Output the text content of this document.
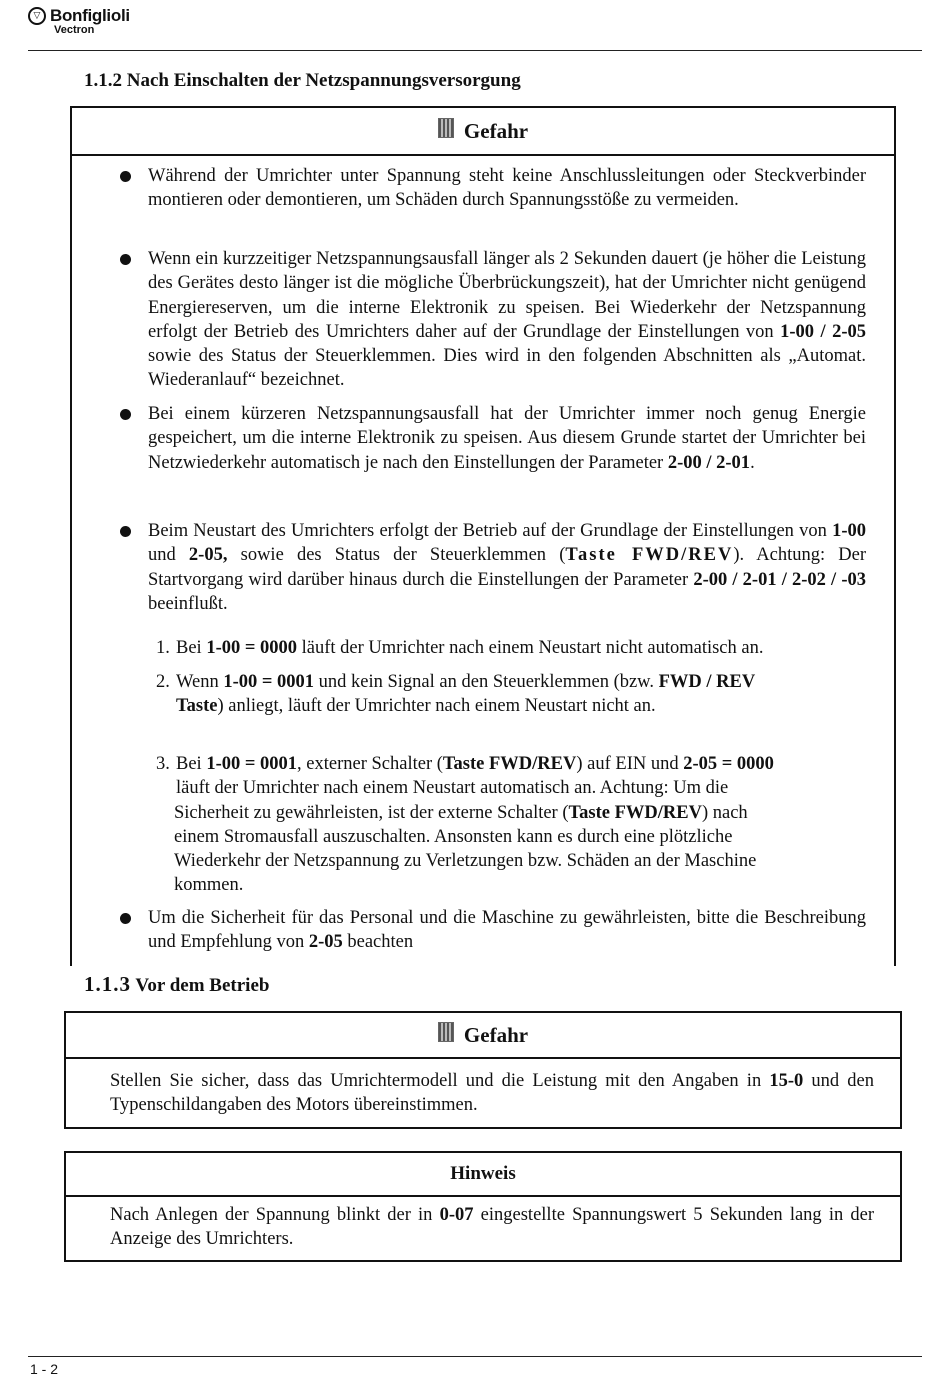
▽ Bonfiglioli
Vectron
1.1.2 Nach Einschalten der Netzspannungsversorgung
Gefahr
Während der Umrichter unter Spannung steht keine Anschlussleitungen oder Steckverbinder montieren oder demontieren, um Schäden durch Spannungsstöße zu vermeiden.
Wenn ein kurzzeitiger Netzspannungsausfall länger als 2 Sekunden dauert (je höher die Leistung des Gerätes desto länger ist die mögliche Überbrückungszeit), hat der Umrichter nicht genügend Energiereserven, um die interne Elektronik zu speisen. Bei Wiederkehr der Netzspannung erfolgt der Betrieb des Umrichters daher auf der Grundlage der Einstellungen von 1-00 / 2-05 sowie des Status der Steuerklemmen. Dies wird in den folgenden Abschnitten als „Automat. Wiederanlauf“ bezeichnet.
Bei einem kürzeren Netzspannungsausfall hat der Umrichter immer noch genug Energie gespeichert, um die interne Elektronik zu speisen. Aus diesem Grunde startet der Umrichter bei Netzwiederkehr automatisch je nach den Einstellungen der Parameter 2-00 / 2-01.
Beim Neustart des Umrichters erfolgt der Betrieb auf der Grundlage der Einstellungen von 1-00 und 2-05, sowie des Status der Steuerklemmen (Taste FWD/REV). Achtung: Der Startvorgang wird darüber hinaus durch die Einstellungen der Parameter 2-00 / 2-01 / 2-02 / -03 beeinflußt.
Um die Sicherheit für das Personal und die Maschine zu gewährleisten, bitte die Beschreibung und Empfehlung von 2-05 beachten
1. Bei 1-00 = 0000 läuft der Umrichter nach einem Neustart nicht automatisch an.
2. Wenn 1-00 = 0001 und kein Signal an den Steuerklemmen (bzw. FWD / REV
Taste) anliegt, läuft der Umrichter nach einem Neustart nicht an.
3. Bei 1-00 = 0001, externer Schalter (Taste FWD/REV) auf EIN und 2-05 = 0000
läuft der Umrichter nach einem Neustart automatisch an. Achtung: Um die
Sicherheit zu gewährleisten, ist der externe Schalter (Taste FWD/REV) nach
einem Stromausfall auszuschalten. Ansonsten kann es durch eine plötzliche
Wiederkehr der Netzspannung zu Verletzungen bzw. Schäden an der Maschine
kommen.
1.1.3 Vor dem Betrieb
Gefahr
Stellen Sie sicher, dass das Umrichtermodell und die Leistung mit den Angaben in 15-0 und den Typenschildangaben des Motors übereinstimmen.
Hinweis
Nach Anlegen der Spannung blinkt der in 0-07 eingestellte Spannungswert 5 Sekunden lang in der Anzeige des Umrichters.
1 - 2
